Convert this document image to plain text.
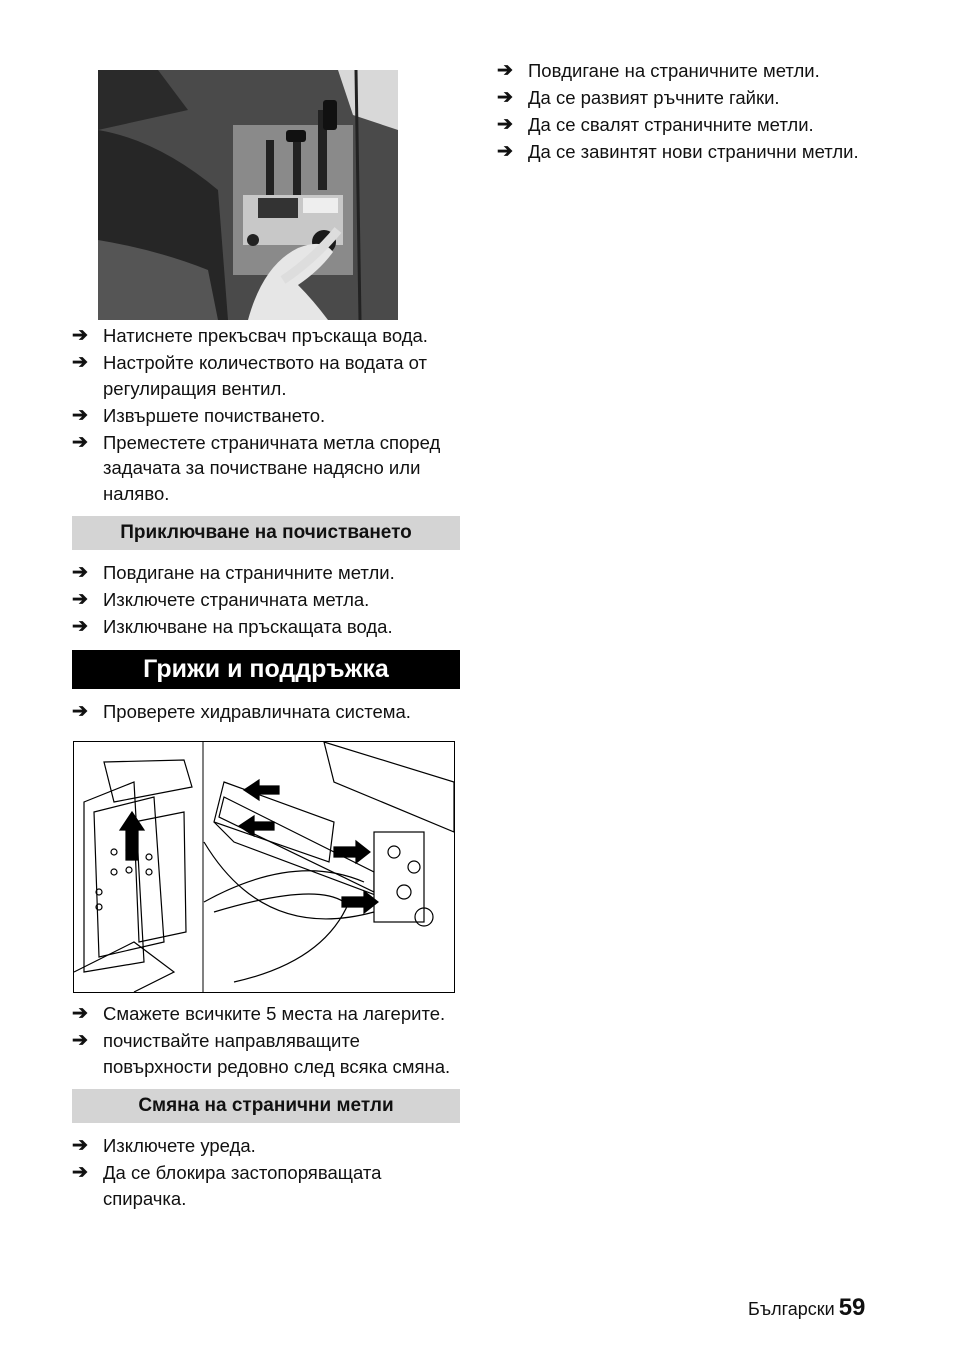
➔ Натиснете прекъсвач пръскаща вода.
➔ Настройте количеството на водата от регулиращия вентил.
➔ Извършете почистването.
➔ Преместете страничната метла според задачата за почистване надясно или наляво.
Приключване на почистването
➔ Повдигане на страничните метли.
➔ Изключете страничната метла.
➔ Изключване на пръскащата вода.
Грижи и поддръжка
➔ Проверете хидравличната система.
➔ Смажете всичките 5 места на лагерите.
➔ почиствайте направляващите повърхности редовно след всяка смяна.
Смяна на странични метли
➔ Изключете уреда.
➔ Да се блокира застопоряващата спирачка.
➔ Повдигане на страничните метли.
➔ Да се развият ръчните гайки.
➔ Да се свалят страничните метли.
➔ Да се завинтят нови странични метли.
Български 59
